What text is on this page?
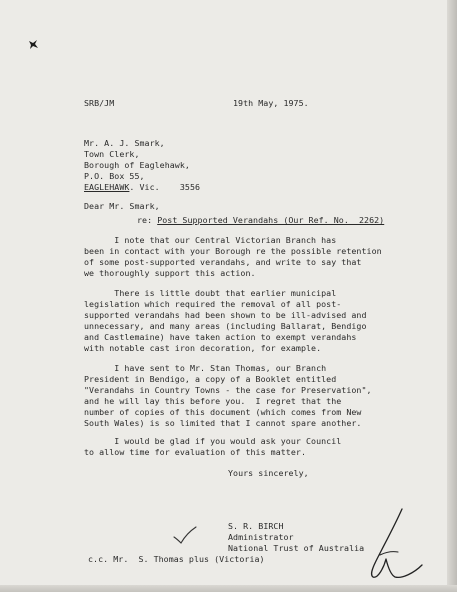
SRB/JM	19th May, 1975.

Mr. A. J. Smark,

Town Clerk,

Borough of Eaglehawk,

P.O. Box 55,

EAGLEHAWK. Vic.    3556

Dear Mr. Smark,

re: Post Supported Verandahs (Our Ref. No.  2262)

I note that our Central Victorian Branch has

been in contact with your Borough re the possible retention

of some post-supported verandahs, and write to say that

we thoroughly support this action.

There is little doubt that earlier municipal

legislation which required the removal of all post-

supported verandahs had been shown to be ill-advised and

unnecessary, and many areas (including Ballarat, Bendigo

and Castlemaine) have taken action to exempt verandahs

with notable cast iron decoration, for example.

I have sent to Mr. Stan Thomas, our Branch

President in Bendigo, a copy of a Booklet entitled

"Verandahs in Country Towns - the case for Preservation",

and he will lay this before you.  I regret that the

number of copies of this document (which comes from New

South Wales) is so limited that I cannot spare another.

I would be glad if you would ask your Council

to allow time for evaluation of this matter.

Yours sincerely,

S. R. BIRCH

Administrator

National Trust of Australia

c.c. Mr.  S. Thomas plus (Victoria)
